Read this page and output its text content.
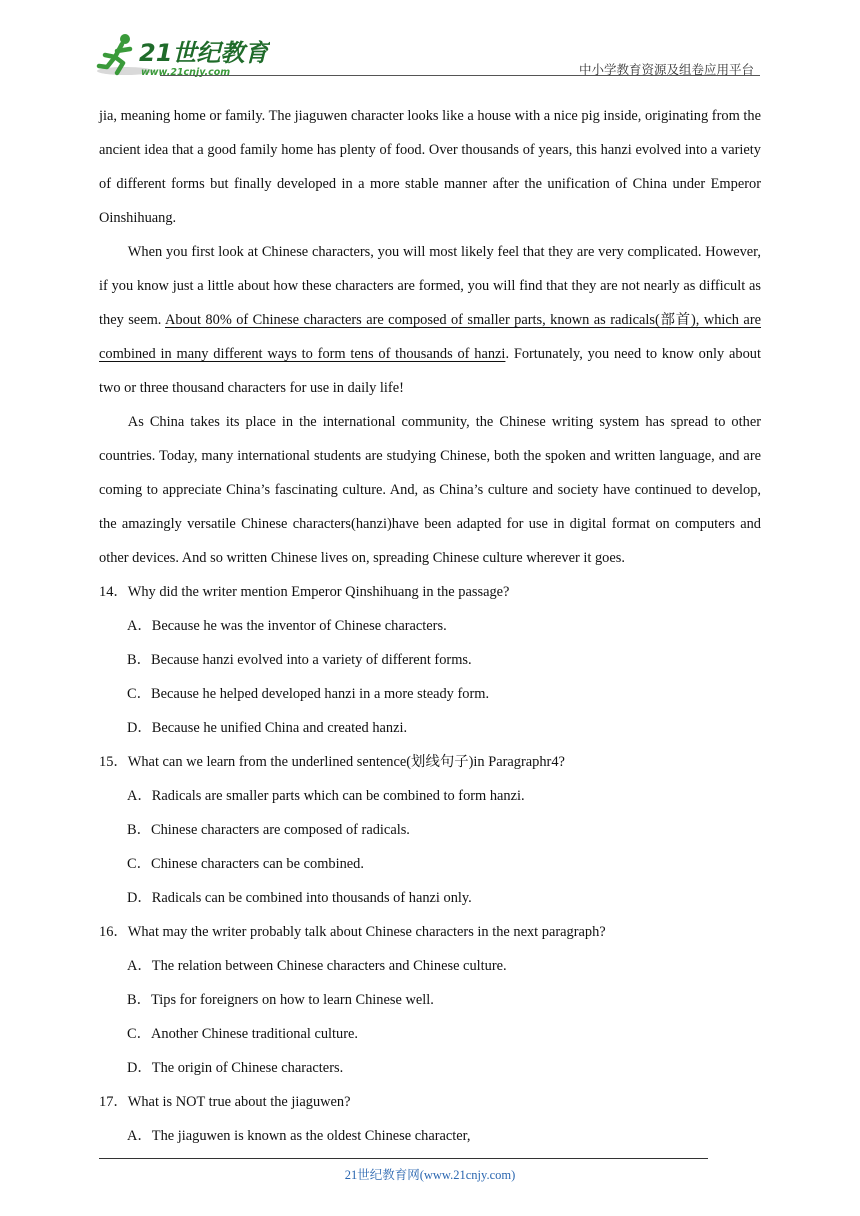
21世纪教育
www.21cnjy.com	中小学教育资源及组卷应用平台

jia, meaning home or family. The jiaguwen character looks like a house with a nice pig inside, originating from the ancient idea that a good family home has plenty of food. Over thousands of years, this hanzi evolved into a variety of different forms but finally developed in a more stable manner after the unification of China under Emperor Oinshihuang.

When you first look at Chinese characters, you will most likely feel that they are very complicated. However, if you know just a little about how these characters are formed, you will find that they are not nearly as difficult as they seem. About 80% of Chinese characters are composed of smaller parts, known as radicals(部首), which are combined in many different ways to form tens of thousands of hanzi. Fortunately, you need to know only about two or three thousand characters for use in daily life!

As China takes its place in the international community, the Chinese writing system has spread to other countries. Today, many international students are studying Chinese, both the spoken and written language, and are coming to appreciate China’s fascinating culture. And, as China’s culture and society have continued to develop, the amazingly versatile Chinese characters(hanzi)have been adapted for use in digital format on computers and other devices. And so written Chinese lives on, spreading Chinese culture wherever it goes.

14．Why did the writer mention Emperor Qinshihuang in the passage?

A．Because he was the inventor of Chinese characters.

B．Because hanzi evolved into a variety of different forms.

C．Because he helped developed hanzi in a more steady form.

D．Because he unified China and created hanzi.

15．What can we learn from the underlined sentence(划线句子)in Paragraphr4?

A．Radicals are smaller parts which can be combined to form hanzi.

B．Chinese characters are composed of radicals.

C．Chinese characters can be combined.

D．Radicals can be combined into thousands of hanzi only.

16．What may the writer probably talk about Chinese characters in the next paragraph?

A．The relation between Chinese characters and Chinese culture.

B．Tips for foreigners on how to learn Chinese well.

C．Another Chinese traditional culture.

D．The origin of Chinese characters.

17．What is NOT true about the jiaguwen?

A．The jiaguwen is known as the oldest Chinese character,

21世纪教育网(www.21cnjy.com)
